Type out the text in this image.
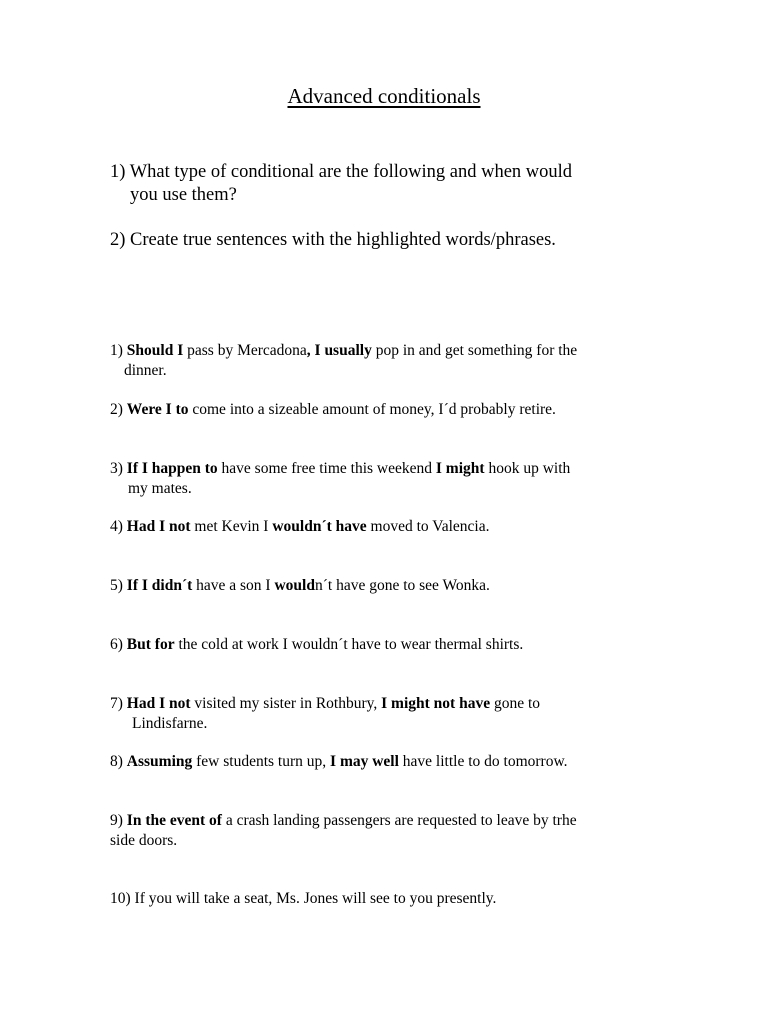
Advanced conditionals
1) What type of conditional are the following and when would
you use them?
2) Create true sentences with the highlighted words/phrases.
1) Should I pass by Mercadona, I usually pop in and get something for the
dinner.
2) Were I to come into a sizeable amount of money, I´d probably retire.
3) If I happen to have some free time this weekend I might hook up with
my mates.
4) Had I not met Kevin I wouldn´t have moved to Valencia.
5) If I didn´t have a son I wouldn´t have gone to see Wonka.
6) But for the cold at work I wouldn´t have to wear thermal shirts.
7) Had I not visited my sister in Rothbury, I might not have gone to
Lindisfarne.
8) Assuming few students turn up, I may well have little to do tomorrow.
9) In the event of a crash landing passengers are requested to leave by trhe
side doors.
10) If you will take a seat, Ms. Jones will see to you presently.
